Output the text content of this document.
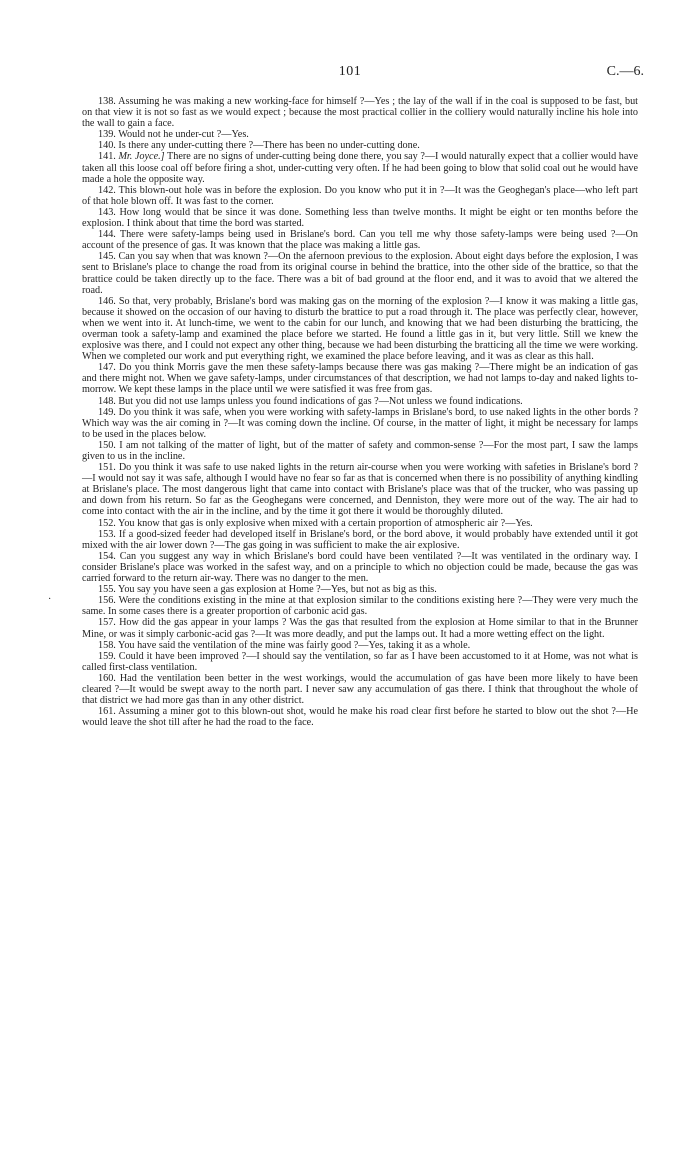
101	C.—6.
·

138. Assuming he was making a new working-face for himself ?—Yes ; the lay of the wall if in the coal is supposed to be fast, but on that view it is not so fast as we would expect ; because the most practical collier in the colliery would naturally incline his hole into the wall to gain a face.

139. Would not he under-cut ?—Yes.

140. Is there any under-cutting there ?—There has been no under-cutting done.

141. Mr. Joyce.] There are no signs of under-cutting being done there, you say ?—I would naturally expect that a collier would have taken all this loose coal off before firing a shot, under-cutting very often. If he had been going to blow that solid coal out he would have made a hole the opposite way.

142. This blown-out hole was in before the explosion. Do you know who put it in ?—It was the Geoghegan's place—who left part of that hole blown off. It was fast to the corner.

143. How long would that be since it was done. Something less than twelve months. It might be eight or ten months before the explosion. I think about that time the bord was started.

144. There were safety-lamps being used in Brislane's bord. Can you tell me why those safety-lamps were being used ?—On account of the presence of gas. It was known that the place was making a little gas.

145. Can you say when that was known ?—On the afernoon previous to the explosion. About eight days before the explosion, I was sent to Brislane's place to change the road from its original course in behind the brattice, into the other side of the brattice, so that the brattice could be taken directly up to the face. There was a bit of bad ground at the floor end, and it was to avoid that we altered the road.

146. So that, very probably, Brislane's bord was making gas on the morning of the explosion ?—I know it was making a little gas, because it showed on the occasion of our having to disturb the brattice to put a road through it. The place was perfectly clear, however, when we went into it. At lunch-time, we went to the cabin for our lunch, and knowing that we had been disturbing the bratticing, the overman took a safety-lamp and examined the place before we started. He found a little gas in it, but very little. Still we knew the explosive was there, and I could not expect any other thing, because we had been disturbing the bratticing all the time we were working. When we completed our work and put everything right, we examined the place before leaving, and it was as clear as this hall.

147. Do you think Morris gave the men these safety-lamps because there was gas making ?—There might be an indication of gas and there might not. When we gave safety-lamps, under circumstances of that description, we had not lamps to-day and naked lights to-morrow. We kept these lamps in the place until we were satisfied it was free from gas.

148. But you did not use lamps unless you found indications of gas ?—Not unless we found indications.

149. Do you think it was safe, when you were working with safety-lamps in Brislane's bord, to use naked lights in the other bords ? Which way was the air coming in ?—It was coming down the incline. Of course, in the matter of light, it might be necessary for lamps to be used in the places below.

150. I am not talking of the matter of light, but of the matter of safety and common-sense ?—For the most part, I saw the lamps given to us in the incline.

151. Do you think it was safe to use naked lights in the return air-course when you were working with safeties in Brislane's bord ?—I would not say it was safe, although I would have no fear so far as that is concerned when there is no possibility of anything kindling at Brislane's place. The most dangerous light that came into contact with Brislane's place was that of the trucker, who was passing up and down from his return. So far as the Geoghegans were concerned, and Denniston, they were more out of the way. The air had to come into contact with the air in the incline, and by the time it got there it would be thoroughly diluted.

152. You know that gas is only explosive when mixed with a certain proportion of atmospheric air ?—Yes.

153. If a good-sized feeder had developed itself in Brislane's bord, or the bord above, it would probably have extended until it got mixed with the air lower down ?—The gas going in was sufficient to make the air explosive.

154. Can you suggest any way in which Brislane's bord could have been ventilated ?—It was ventilated in the ordinary way. I consider Brislane's place was worked in the safest way, and on a principle to which no objection could be made, because the gas was carried forward to the return air-way. There was no danger to the men.

155. You say you have seen a gas explosion at Home ?—Yes, but not as big as this.

156. Were the conditions existing in the mine at that explosion similar to the conditions existing here ?—They were very much the same. In some cases there is a greater proportion of carbonic acid gas.

157. How did the gas appear in your lamps ? Was the gas that resulted from the explosion at Home similar to that in the Brunner Mine, or was it simply carbonic-acid gas ?—It was more deadly, and put the lamps out. It had a more wetting effect on the light.

158. You have said the ventilation of the mine was fairly good ?—Yes, taking it as a whole.

159. Could it have been improved ?—I should say the ventilation, so far as I have been accustomed to it at Home, was not what is called first-class ventilation.

160. Had the ventilation been better in the west workings, would the accumulation of gas have been more likely to have been cleared ?—It would be swept away to the north part. I never saw any accumulation of gas there. I think that throughout the whole of that district we had more gas than in any other district.

161. Assuming a miner got to this blown-out shot, would he make his road clear first before he started to blow out the shot ?—He would leave the shot till after he had the road to the face.
